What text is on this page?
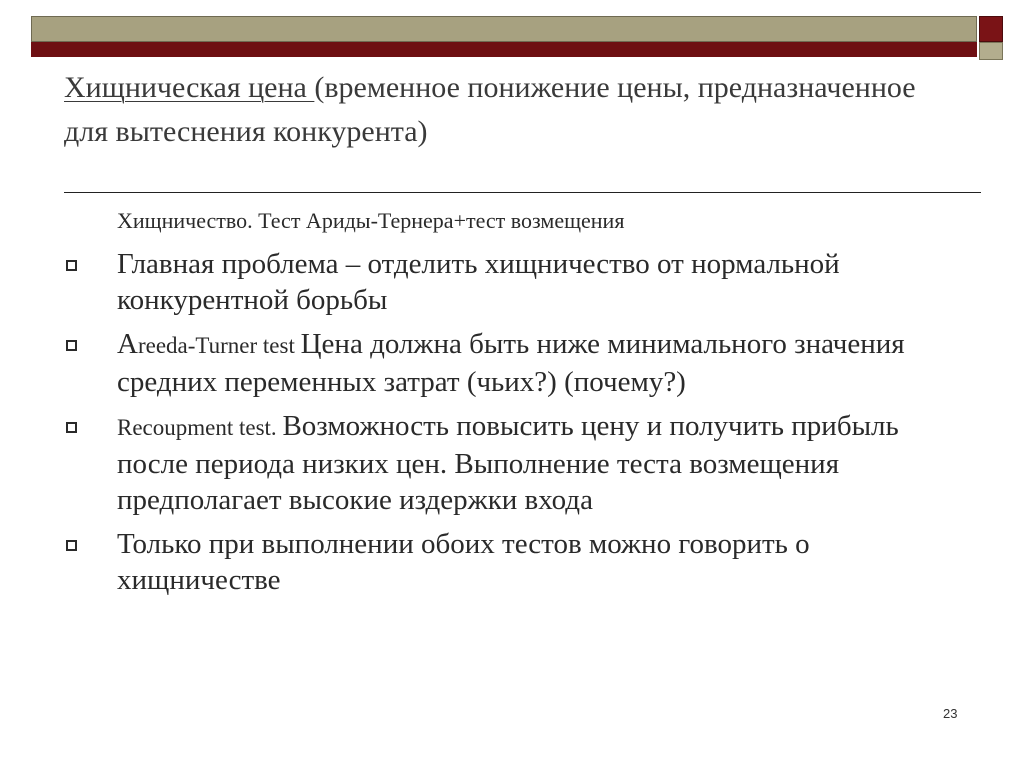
Хищническая цена (временное понижение цены, предназначенное для вытеснения конкурента)
Хищничество. Тест Ариды-Тернера+тест возмещения
Главная проблема – отделить хищничество от нормальной конкурентной борьбы
Areeda-Turner test Цена должна быть ниже минимального значения средних переменных затрат (чьих?) (почему?)
Recoupment test. Возможность повысить цену и получить прибыль после периода низких цен. Выполнение теста возмещения предполагает высокие издержки входа
Только при выполнении обоих тестов можно говорить о хищничестве
23
